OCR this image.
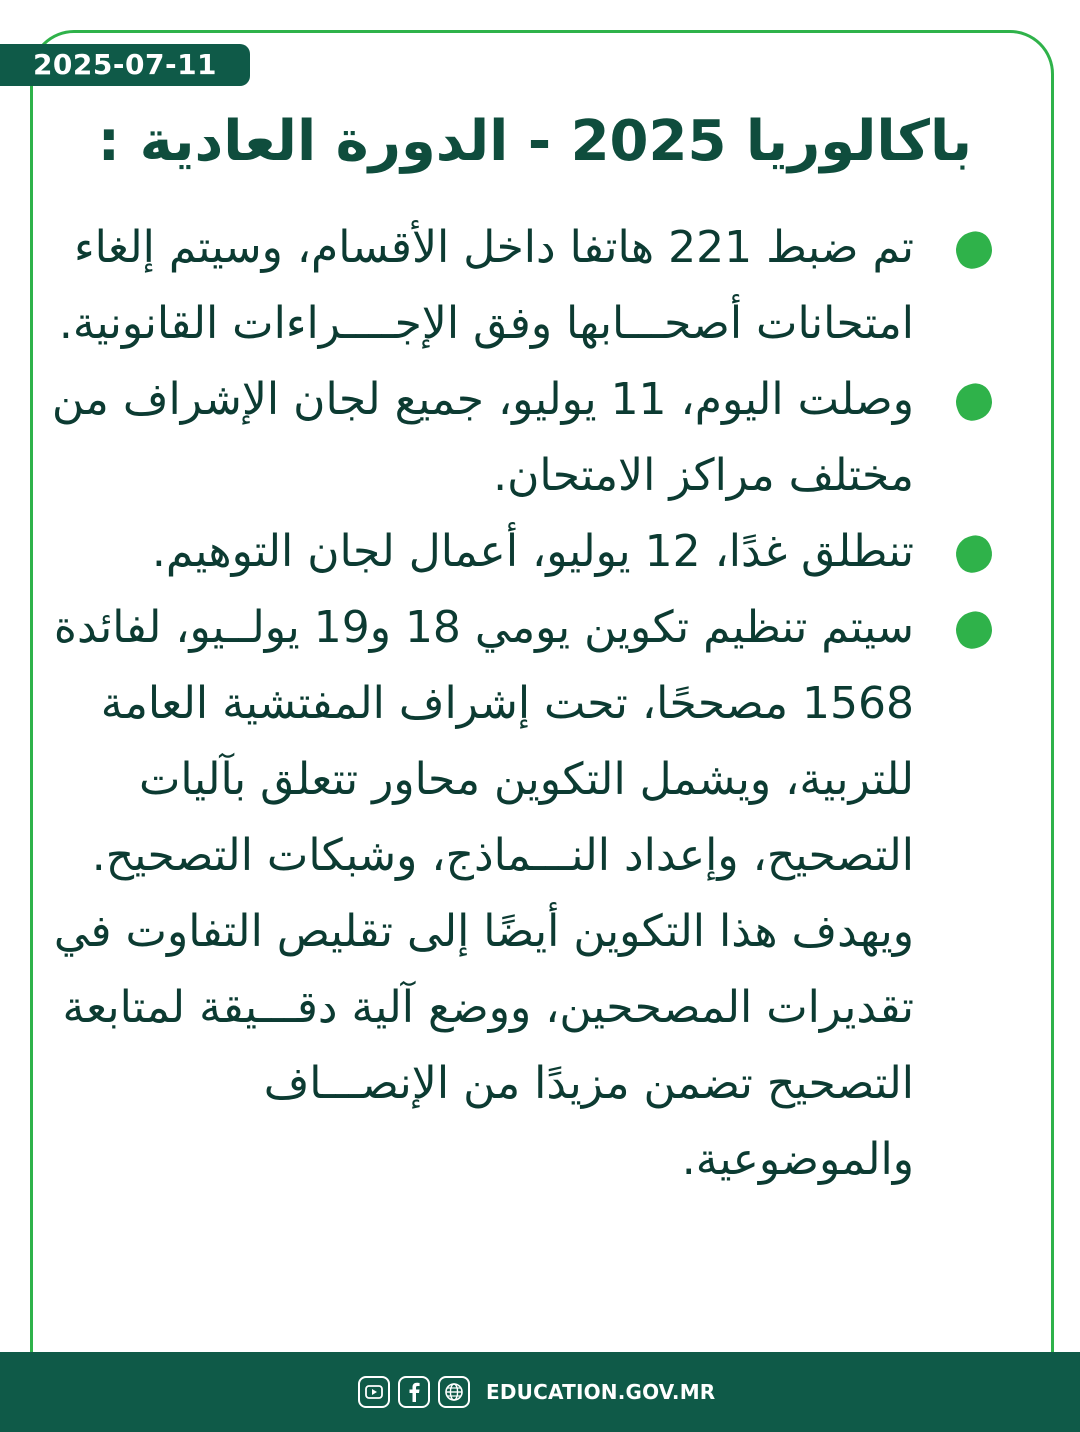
2025-07-11
باكالوريا 2025 - الدورة العادية :

تم ضبط 221 هاتفا داخل الأقسام، وسيتم إلغاء امتحانات أصحـــابها وفق الإجــــراءات القانونية.

وصلت اليوم، 11 يوليو، جميع لجان الإشراف من مختلف مراكز الامتحان.

تنطلق غدًا، 12 يوليو، أعمال لجان التوهيم.

سيتم تنظيم تكوين يومي 18 و19 يولــيو، لفائدة 1568 مصححًا، تحت إشراف المفتشية العامة للتربية، ويشمل التكوين محاور تتعلق بآليات التصحيح، وإعداد النـــماذج، وشبكات التصحيح.

ويهدف هذا التكوين أيضًا إلى تقليص التفاوت في تقديرات المصححين، ووضع آلية دقـــيقة لمتابعة التصحيح تضمن مزيدًا من الإنصـــاف والموضوعية.

EDUCATION.GOV.MR
